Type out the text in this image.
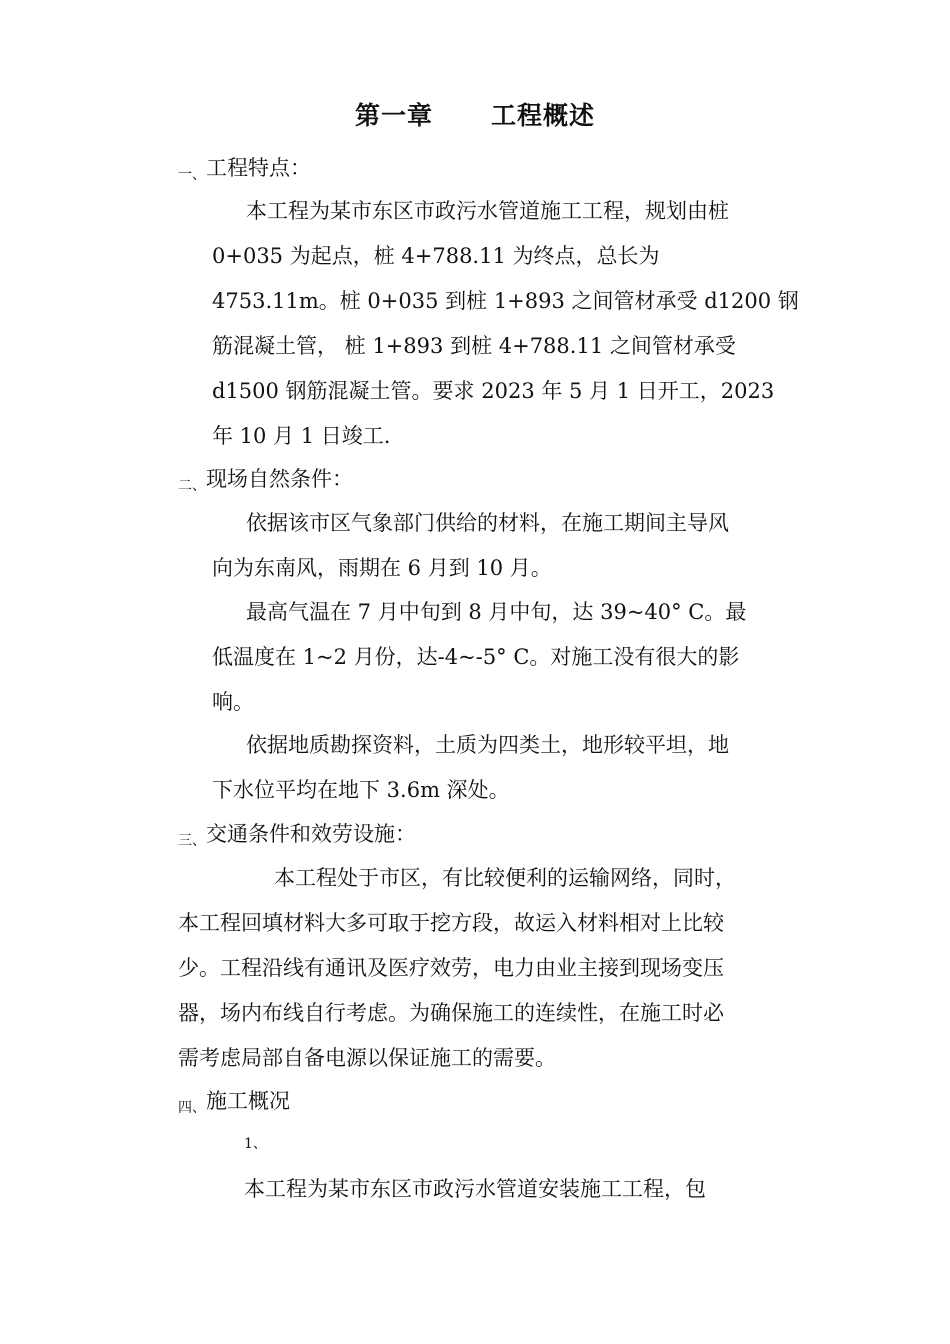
第一章 工程概述
一、工程特点：
本工程为某市东区市政污水管道施工工程，规划由桩
0+035 为起点，桩 4+788.11 为终点，总长为
4753.11m。桩 0+035 到桩 1+893 之间管材承受 d1200 钢
筋混凝土管， 桩 1+893 到桩 4+788.11 之间管材承受
d1500 钢筋混凝土管。要求 2023 年 5 月 1 日开工，2023
年 10 月 1 日竣工.
二、现场自然条件：
依据该市区气象部门供给的材料，在施工期间主导风
向为东南风，雨期在 6 月到 10 月。
最高气温在 7 月中旬到 8 月中旬，达 39~40° C。最
低温度在 1~2 月份，达-4~-5° C。对施工没有很大的影
响。
依据地质勘探资料，土质为四类土，地形较平坦，地
下水位平均在地下 3.6m 深处。
三、交通条件和效劳设施：
本工程处于市区，有比较便利的运输网络，同时，
本工程回填材料大多可取于挖方段，故运入材料相对上比较
少。工程沿线有通讯及医疗效劳，电力由业主接到现场变压
器，场内布线自行考虑。为确保施工的连续性，在施工时必
需考虑局部自备电源以保证施工的需要。
四、施工概况
1、
本工程为某市东区市政污水管道安装施工工程，包
